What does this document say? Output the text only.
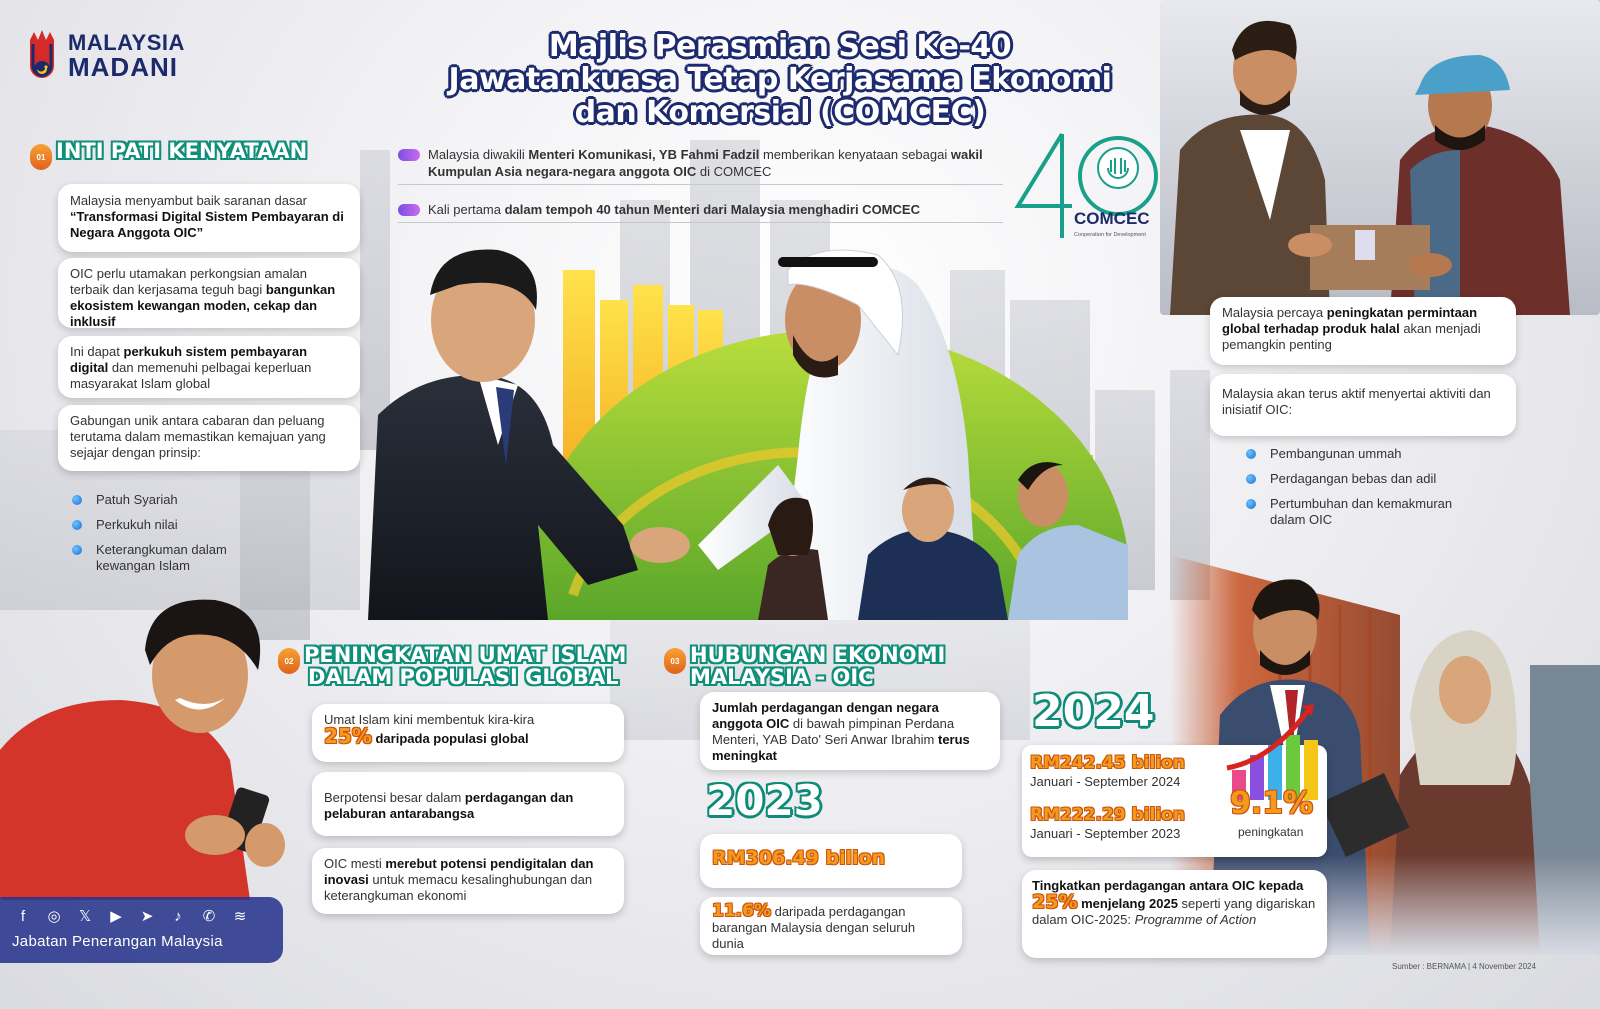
MALAYSIA
MADANI
Majlis Perasmian Sesi Ke-40
Jawatankuasa Tetap Kerjasama Ekonomi
dan Komersial (COMCEC)
01 INTI PATI KENYATAAN
Malaysia menyambut baik saranan dasar “Transformasi Digital Sistem Pembayaran di Negara Anggota OIC”
OIC perlu utamakan perkongsian amalan terbaik dan kerjasama teguh bagi bangunkan ekosistem kewangan moden, cekap dan inklusif
Ini dapat perkukuh sistem pembayaran digital dan memenuhi pelbagai keperluan masyarakat Islam global
Gabungan unik antara cabaran dan peluang terutama dalam memastikan kemajuan yang sejajar dengan prinsip:
Patuh Syariah
Perkukuh nilai
Keterangkuman dalam kewangan Islam
Malaysia diwakili Menteri Komunikasi, YB Fahmi Fadzil memberikan kenyataan sebagai wakil Kumpulan Asia negara-negara anggota OIC di COMCEC
Kali pertama dalam tempoh 40 tahun Menteri dari Malaysia menghadiri COMCEC	COMCEC
Cooperation for Development
Malaysia percaya peningkatan permintaan global terhadap produk halal akan menjadi pemangkin penting
Malaysia akan terus aktif menyertai aktiviti dan inisiatif OIC:
Pembangunan ummah
Perdagangan bebas dan adil
Pertumbuhan dan kemakmuran dalam OIC
02 PENINGKATAN UMAT ISLAM
DALAM POPULASI GLOBAL
Umat Islam kini membentuk kira-kira
25% daripada populasi global
Berpotensi besar dalam perdagangan dan pelaburan antarabangsa
OIC mesti merebut potensi pendigitalan dan inovasi untuk memacu kesalinghubungan dan keterangkuman ekonomi
03 HUBUNGAN EKONOMI
MALAYSIA - OIC
Jumlah perdagangan dengan negara anggota OIC di bawah pimpinan Perdana Menteri, YAB Dato' Seri Anwar Ibrahim terus meningkat
2023
RM306.49 bilion
11.6% daripada perdagangan barangan Malaysia dengan seluruh dunia
2024
RM242.45 bilion
Januari - September 2024
RM222.29 bilion
Januari - September 2023
9.1%
peningkatan
Tingkatkan perdagangan antara OIC kepada
25% menjelang 2025 seperti yang digariskan dalam OIC-2025: Programme of Action
f	◎	𝕏	▶	➤	♪	✆	≋
Jabatan Penerangan Malaysia
Sumber : BERNAMA | 4 November 2024
